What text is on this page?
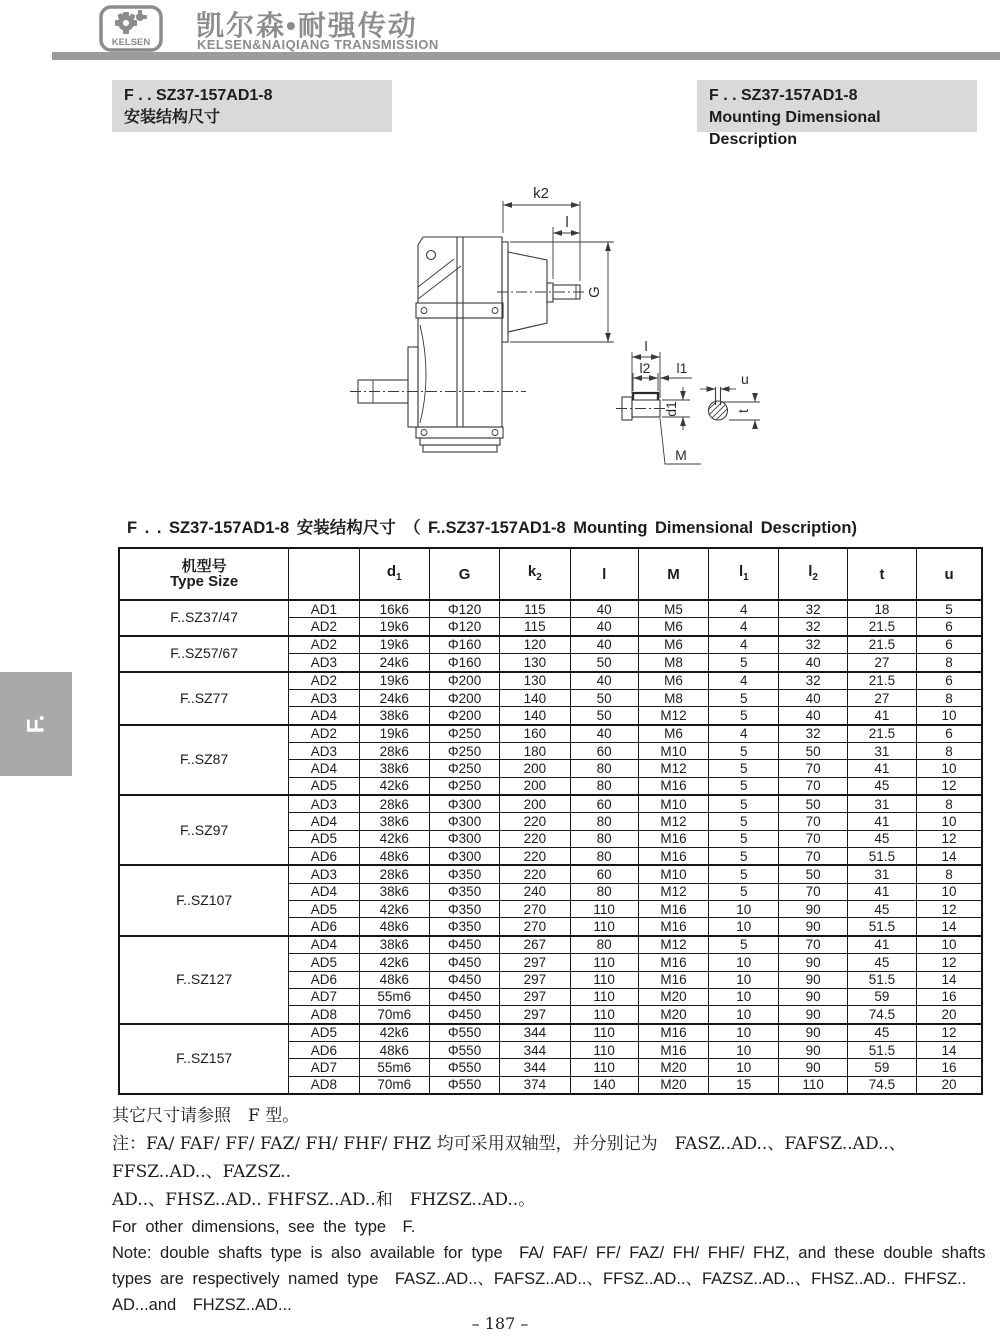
KELSEN
凯尔森•耐强传动
KELSEN&NAIQIANG TRANSMISSION
F . . SZ37-157AD1-8
安装结构尺寸
F . . SZ37-157AD1-8
Mounting Dimensional Description
F.
k2
l
G
l
l2 l1
d1
M
u
t
F . . SZ37-157AD1-8 安装结构尺寸　（ F..SZ37-157AD1-8 Mounting Dimensional Description)
机型号
Type Size		$d_1$	G	$k_2$	l	M	$l_1$	$l_2$	t	u
F..SZ37/47	AD1	16k6	Φ120	115	40	M5	4	32	18	5
	AD2	19k6	Φ120	115	40	M6	4	32	21.5	6
F..SZ57/67	AD2	19k6	Φ160	120	40	M6	4	32	21.5	6
	AD3	24k6	Φ160	130	50	M8	5	40	27	8
F..SZ77	AD2	19k6	Φ200	130	40	M6	4	32	21.5	6
	AD3	24k6	Φ200	140	50	M8	5	40	27	8
	AD4	38k6	Φ200	140	50	M12	5	40	41	10
F..SZ87	AD2	19k6	Φ250	160	40	M6	4	32	21.5	6
	AD3	28k6	Φ250	180	60	M10	5	50	31	8
	AD4	38k6	Φ250	200	80	M12	5	70	41	10
	AD5	42k6	Φ250	200	80	M16	5	70	45	12
F..SZ97	AD3	28k6	Φ300	200	60	M10	5	50	31	8
	AD4	38k6	Φ300	220	80	M12	5	70	41	10
	AD5	42k6	Φ300	220	80	M16	5	70	45	12
	AD6	48k6	Φ300	220	80	M16	5	70	51.5	14
F..SZ107	AD3	28k6	Φ350	220	60	M10	5	50	31	8
	AD4	38k6	Φ350	240	80	M12	5	70	41	10
	AD5	42k6	Φ350	270	110	M16	10	90	45	12
	AD6	48k6	Φ350	270	110	M16	10	90	51.5	14
F..SZ127	AD4	38k6	Φ450	267	80	M12	5	70	41	10
	AD5	42k6	Φ450	297	110	M16	10	90	45	12
	AD6	48k6	Φ450	297	110	M16	10	90	51.5	14
	AD7	55m6	Φ450	297	110	M20	10	90	59	16
	AD8	70m6	Φ450	297	110	M20	10	90	74.5	20
F..SZ157	AD5	42k6	Φ550	344	110	M16	10	90	45	12
	AD6	48k6	Φ550	344	110	M16	10	90	51.5	14
	AD7	55m6	Φ550	344	110	M20	10	90	59	16
	AD8	70m6	Φ550	374	140	M20	15	110	74.5	20
其它尺寸请参照　F 型。
注：FA/ FAF/ FF/ FAZ/ FH/ FHF/ FHZ 均可采用双轴型，并分别记为　FASZ..AD..、FAFSZ..AD..、FFSZ..AD..、FAZSZ..
AD..、FHSZ..AD.. FHFSZ..AD..和　FHZSZ..AD..。
For other dimensions, see the type　F.
Note: double shafts type is also available for type　FA/ FAF/ FF/ FAZ/ FH/ FHF/ FHZ, and these double shafts
types are respectively named type　FASZ..AD..、FAFSZ..AD..、FFSZ..AD..、FAZSZ..AD..、FHSZ..AD.. FHFSZ..
AD...and　FHZSZ..AD...
– 187 –
